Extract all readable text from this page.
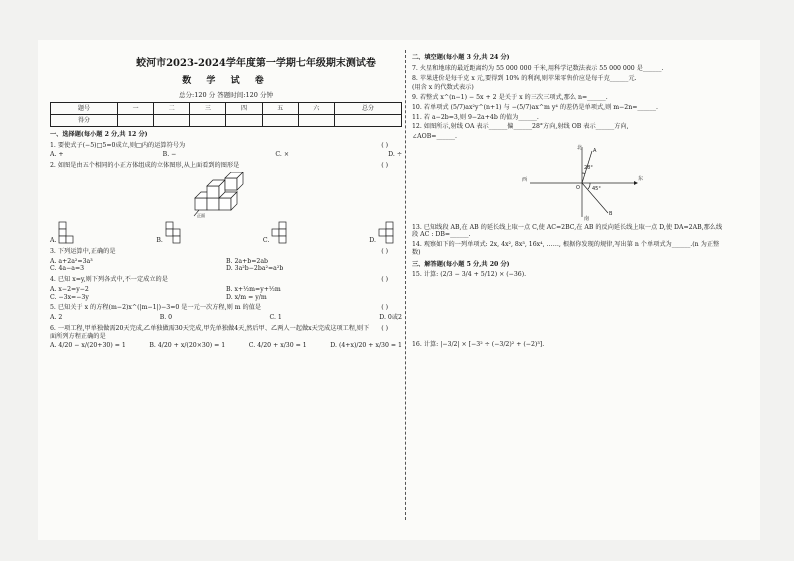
蛟河市2023-2024学年度第一学期七年级期末测试卷
数 学 试 卷
总分:120 分 答题时间:120 分钟
题号	一	二	三	四	五	六	总分
得分							
一、选择题(每小题 2 分,共 12 分)
1. 要使式子(−5)□5=0成立,则□内的运算符号为	( )
A. +	B. −	C. ×	D. ÷
2. 如图是由五个相同的小正方体组成的立体图形,从上面看到的图形是	( )
正面
A.	B.	C.	D.
3. 下列运算中,正确的是	( )
A. a+2a²=3a³	B. 2a+b=2ab
C. 4a−a=3	D. 3a²b−2ba²=a²b
4. 已知 x=y,则下列各式中,不一定成立的是	( )
A. x−2=y−2	B. x+½m=y+½m
C. −3x=−3y	D. x/m = y/m
5. 已知关于 x 的方程(m−2)x^(|m−1|)−3=0 是一元一次方程,则 m 的值是	( )
A. 2	B. 0	C. 1	D. 0或2
6. 一项工程,甲单独做需20天完成,乙单独做需30天完成,甲先单独做4天,然后甲、乙两人一起做x天完成这项工程,则下面所列方程正确的是
( )
A. 4/20 − x/(20+30) = 1	B. 4/20 + x/(20×30) = 1	C. 4/20 + x/30 = 1	D. (4+x)/20 + x/30 = 1
二、填空题(每小题 3 分,共 24 分)
7. 火星和地球的最近距离约为 55 000 000 千米,用科学记数法表示 55 000 000 是______.
8. 苹果进价是每千克 x 元,要得到 10% 的利润,则苹果零售价应是每千克______元.
(用含 x 的代数式表示)
9. 若整式 x^(n−1) − 5x + 2 是关于 x 的三次三项式,那么 n=______.
10. 若单项式 (5/7)ax²y^(n+1) 与 −(5/7)ax^m y⁴ 的差仍是单项式,则 m−2n=______.
11. 若 a−2b=3,则 9−2a+4b 的值为______.
12. 如图所示,射线 OA 表示______偏______28°方向,射线 OB 表示______方向,
∠AOB=______.
北
南
东
西
O
A
B
28°
45°
13. 已知线段 AB,在 AB 的延长线上取一点 C,使 AC=2BC,在 AB 的反向延长线上取一点 D,使 DA=2AB,那么线段 AC : DB=______.
14. 观察如下的一列单项式: 2x, 4x², 8x³, 16x⁴, ……, 根据你发现的规律,写出第 n 个单项式为______.(n 为正整数)
三、解答题(每小题 5 分,共 20 分)
15. 计算: (2/3 − 3/4 + 5/12) × (−36).
16. 计算: |−3/2| × [−3² ÷ (−3/2)² + (−2)³].
